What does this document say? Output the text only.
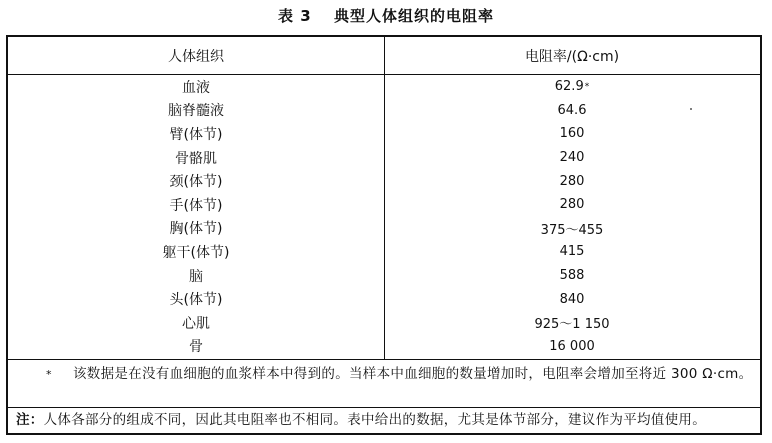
表 3 典型人体组织的电阻率
人体组织	电阻率/(Ω·cm)
血液	62.9 *
脑脊髓液	64.6
臂(体节)	160
骨骼肌	240
颈(体节)	280
手(体节)	280
胸(体节)	375～455
躯干(体节)	415
脑	588
头(体节)	840
心肌	925～1 150
骨	16 000
* 该数据是在没有血细胞的血浆样本中得到的。当样本中血细胞的数量增加时，电阻率会增加至将近 300 Ω·cm。
注：人体各部分的组成不同，因此其电阻率也不相同。表中给出的数据，尤其是体节部分，建议作为平均值使用。
